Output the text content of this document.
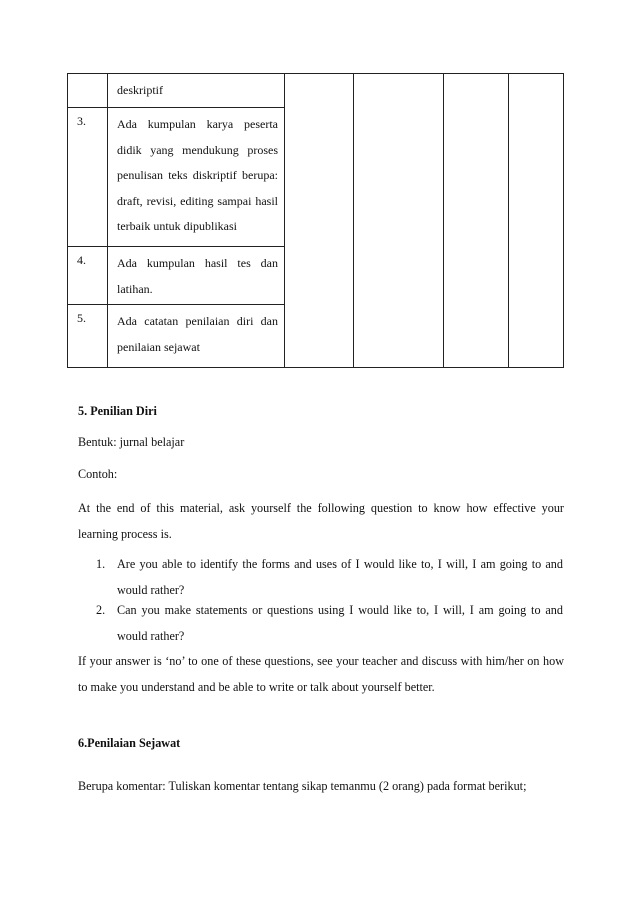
	deskriptif				

3.	Ada kumpulan karya peserta didik yang mendukung proses penulisan teks diskriptif berupa: draft, revisi, editing sampai hasil terbaik untuk dipublikasi				

4.	Ada kumpulan hasil tes dan latihan.				

5.	Ada catatan penilaian diri dan penilaian sejawat				
5. Penilian Diri
Bentuk: jurnal belajar
Contoh:
At the end of this material, ask yourself the following question to know how effective your learning process is.
1. Are you able to identify the forms and uses of I would like to, I will, I am going to and would rather?
2. Can you make statements or questions using I would like to, I will, I am going to and would rather?
If your answer is ‘no’ to one of these questions, see your teacher and discuss with him/her on how to make you understand and be able to write or talk about yourself better.
6.Penilaian Sejawat
Berupa komentar: Tuliskan komentar tentang sikap temanmu (2 orang) pada format berikut;
